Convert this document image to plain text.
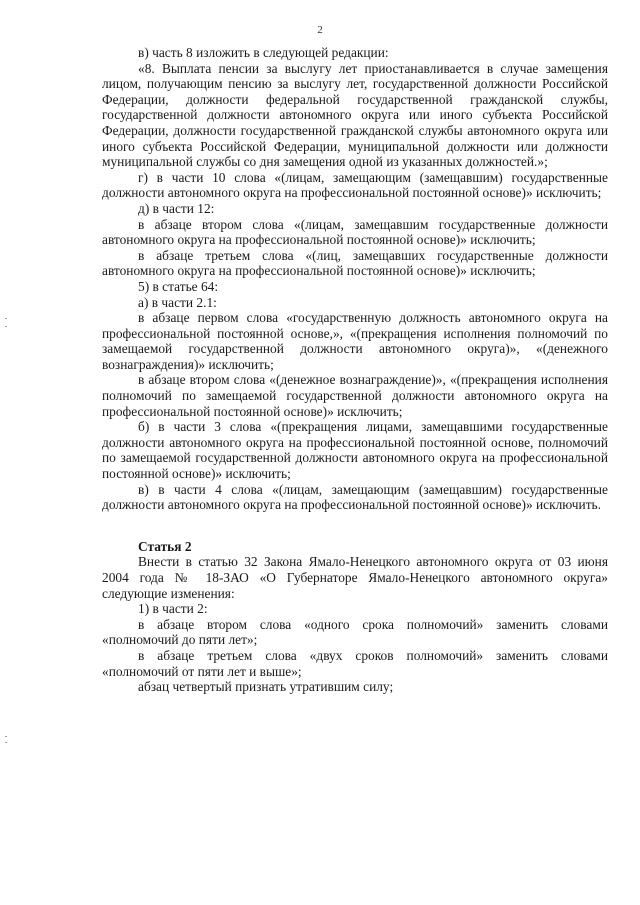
2

в) часть 8 изложить в следующей редакции:

«8. Выплата пенсии за выслугу лет приостанавливается в случае замещения лицом, получающим пенсию за выслугу лет, государственной должности Российской Федерации, должности федеральной государственной гражданской службы, государственной должности автономного округа или иного субъекта Российской Федерации, должности государственной гражданской службы автономного округа или иного субъекта Российской Федерации, муниципальной должности или должности муниципальной службы со дня замещения одной из указанных должностей.»;

г) в части 10 слова «(лицам, замещающим (замещавшим) государственные должности автономного округа на профессиональной постоянной основе)» исключить;

д) в части 12:

в абзаце втором слова «(лицам, замещавшим государственные должности автономного округа на профессиональной постоянной основе)» исключить;

в абзаце третьем слова «(лиц, замещавших государственные должности автономного округа на профессиональной постоянной основе)» исключить;

5) в статье 64:

а) в части 2.1:

в абзаце первом слова «государственную должность автономного округа на профессиональной постоянной основе,», «(прекращения исполнения полномочий по замещаемой государственной должности автономного округа)», «(денежного вознаграждения)» исключить;

в абзаце втором слова «(денежное вознаграждение)», «(прекращения исполнения полномочий по замещаемой государственной должности автономного округа на профессиональной постоянной основе)» исключить;

б) в части 3 слова «(прекращения лицами, замещавшими государственные должности автономного округа на профессиональной постоянной основе, полномочий по замещаемой государственной должности автономного округа на профессиональной постоянной основе)» исключить;

в) в части 4 слова «(лицам, замещающим (замещавшим) государственные должности автономного округа на профессиональной постоянной основе)» исключить.

Статья 2

Внести в статью 32 Закона Ямало-Ненецкого автономного округа от 03 июня 2004 года № 18-ЗАО «О Губернаторе Ямало-Ненецкого автономного округа» следующие изменения:

1) в части 2:

в абзаце втором слова «одного срока полномочий» заменить словами «полномочий до пяти лет»;

в абзаце третьем слова «двух сроков полномочий» заменить словами «полномочий от пяти лет и выше»;

абзац четвертый признать утратившим силу;
